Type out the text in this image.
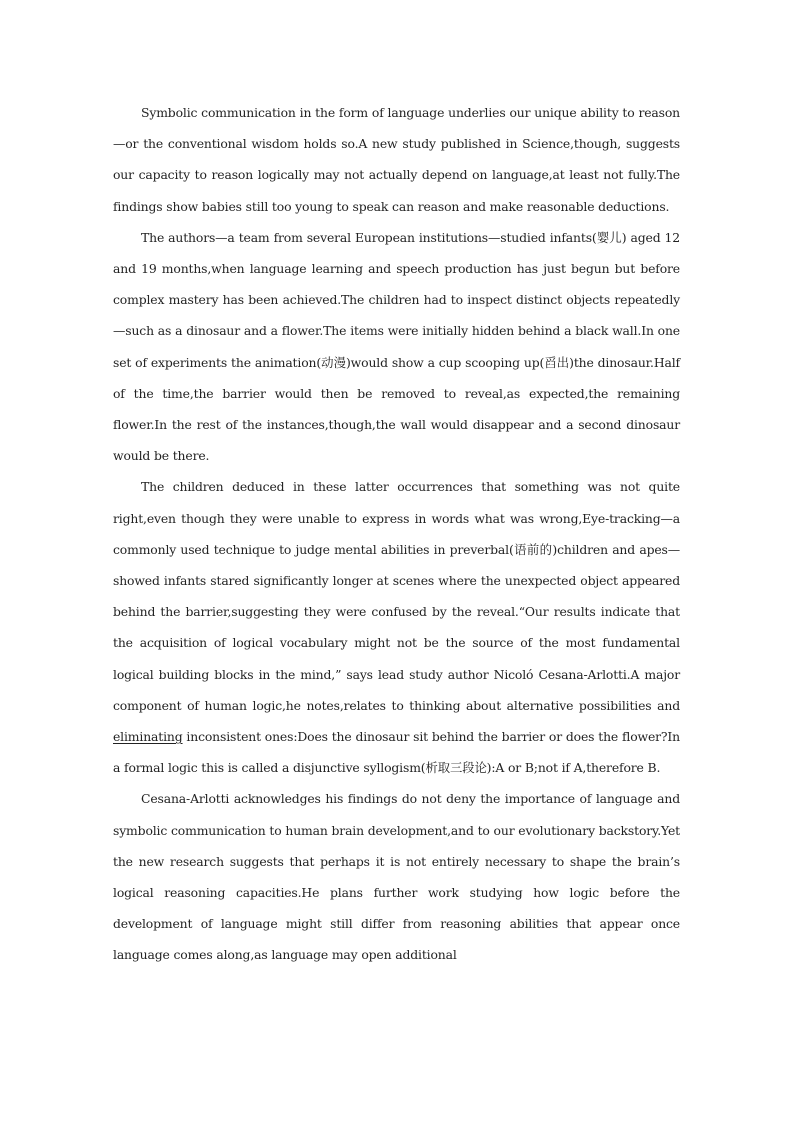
Symbolic communication in the form of language underlies our unique ability to reason—or the conventional wisdom holds so.A new study published in Science,though, suggests our capacity to reason logically may not actually depend on language,at least not fully.The findings show babies still too young to speak can reason and make reasonable deductions.

The authors—a team from several European institutions—studied infants(婴儿) aged 12 and 19 months,when language learning and speech production has just begun but before complex mastery has been achieved.The children had to inspect distinct objects repeatedly—such as a dinosaur and a flower.The items were initially hidden behind a black wall.In one set of experiments the animation(动漫)would show a cup scooping up(舀出)the dinosaur.Half of the time,the barrier would then be removed to reveal,as expected,the remaining flower.In the rest of the instances,though,the wall would disappear and a second dinosaur would be there.

The children deduced in these latter occurrences that something was not quite right,even though they were unable to express in words what was wrong,Eye-tracking—a commonly used technique to judge mental abilities in preverbal(语前的)children and apes—showed infants stared significantly longer at scenes where the unexpected object appeared behind the barrier,suggesting they were confused by the reveal.“Our results indicate that the acquisition of logical vocabulary might not be the source of the most fundamental logical building blocks in the mind,” says lead study author Nicoló Cesana-Arlotti.A major component of human logic,he notes,relates to thinking about alternative possibilities and eliminating inconsistent ones:Does the dinosaur sit behind the barrier or does the flower?In a formal logic this is called a disjunctive syllogism(析取三段论):A or B;not if A,therefore B.

Cesana-Arlotti acknowledges his findings do not deny the importance of language and symbolic communication to human brain development,and to our evolutionary backstory.Yet the new research suggests that perhaps it is not entirely necessary to shape the brain’s logical reasoning capacities.He plans further work studying how logic before the development of language might still differ from reasoning abilities that appear once language comes along,as language may open additional
